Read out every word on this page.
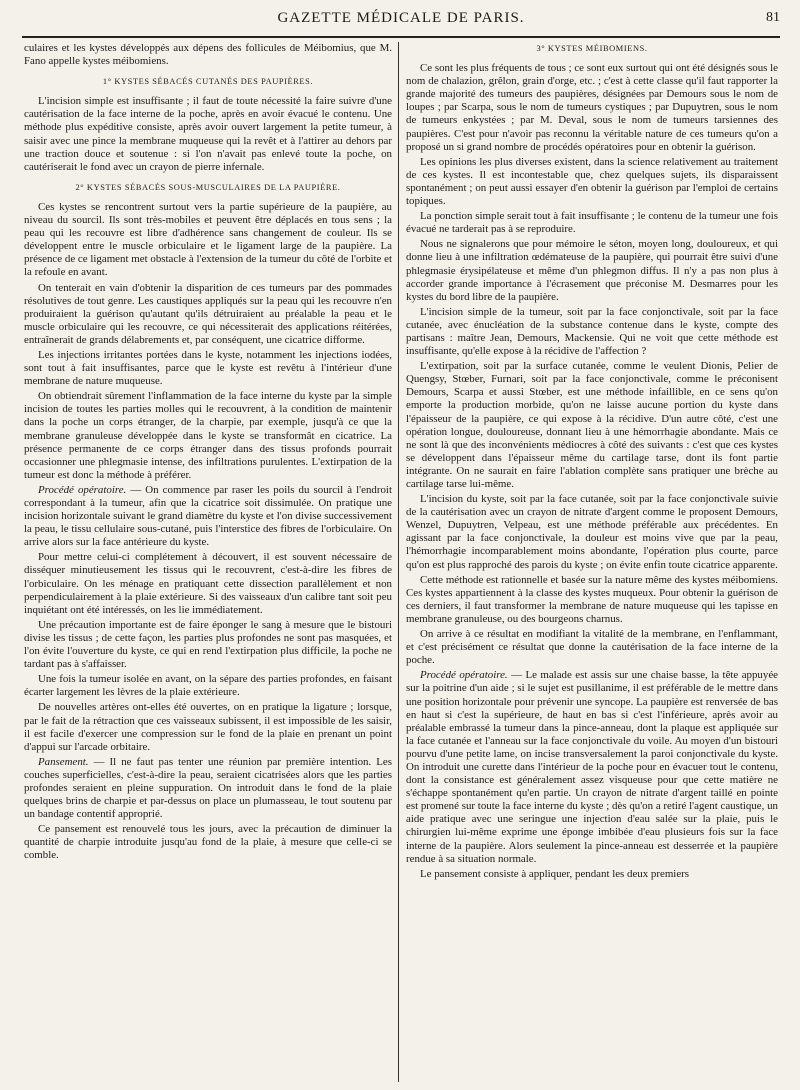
GAZETTE MÉDICALE DE PARIS.	81

culaires et les kystes développés aux dépens des follicules de Méibomius, que M. Fano appelle kystes méibomiens.

1° KYSTES SÉBACÉS CUTANÉS DES PAUPIÈRES.

L'incision simple est insuffisante ; il faut de toute nécessité la faire suivre d'une cautérisation de la face interne de la poche, après en avoir évacué le contenu. Une méthode plus expéditive consiste, après avoir ouvert largement la petite tumeur, à saisir avec une pince la membrane muqueuse qui la revêt et à l'attirer au dehors par une traction douce et soutenue : si l'on n'avait pas enlevé toute la poche, on cautériserait le fond avec un crayon de pierre infernale.

2° KYSTES SÉBACÉS SOUS-MUSCULAIRES DE LA PAUPIÈRE.

Ces kystes se rencontrent surtout vers la partie supérieure de la paupière, au niveau du sourcil. Ils sont très-mobiles et peuvent être déplacés en tous sens ; la peau qui les recouvre est libre d'adhérence sans changement de couleur. Ils se développent entre le muscle orbiculaire et le ligament large de la paupière. La présence de ce ligament met obstacle à l'extension de la tumeur du côté de l'orbite et la refoule en avant.

On tenterait en vain d'obtenir la disparition de ces tumeurs par des pommades résolutives de tout genre. Les caustiques appliqués sur la peau qui les recouvre n'en produiraient la guérison qu'autant qu'ils détruiraient au préalable la peau et le muscle orbiculaire qui les recouvre, ce qui nécessiterait des applications réitérées, entraînerait de grands délabrements et, par conséquent, une cicatrice difforme.

Les injections irritantes portées dans le kyste, notamment les injections iodées, sont tout à fait insuffisantes, parce que le kyste est revêtu à l'intérieur d'une membrane de nature muqueuse.

On obtiendrait sûrement l'inflammation de la face interne du kyste par la simple incision de toutes les parties molles qui le recouvrent, à la condition de maintenir dans la poche un corps étranger, de la charpie, par exemple, jusqu'à ce que la membrane granuleuse développée dans le kyste se transformât en cicatrice. La présence permanente de ce corps étranger dans des tissus profonds pourrait occasionner une phlegmasie intense, des infiltrations purulentes. L'extirpation de la tumeur est donc la méthode à préférer.

Procédé opératoire. — On commence par raser les poils du sourcil à l'endroit correspondant à la tumeur, afin que la cicatrice soit dissimulée. On pratique une incision horizontale suivant le grand diamètre du kyste et l'on divise successivement la peau, le tissu cellulaire sous-cutané, puis l'interstice des fibres de l'orbiculaire. On arrive alors sur la face antérieure du kyste.

Pour mettre celui-ci complétement à découvert, il est souvent nécessaire de disséquer minutieusement les tissus qui le recouvrent, c'est-à-dire les fibres de l'orbiculaire. On les ménage en pratiquant cette dissection parallèlement et non perpendiculairement à la plaie extérieure. Si des vaisseaux d'un calibre tant soit peu inquiétant ont été intéressés, on les lie immédiatement.

Une précaution importante est de faire éponger le sang à mesure que le bistouri divise les tissus ; de cette façon, les parties plus profondes ne sont pas masquées, et l'on évite l'ouverture du kyste, ce qui en rend l'extirpation plus difficile, la poche ne tardant pas à s'affaisser.

Une fois la tumeur isolée en avant, on la sépare des parties profondes, en faisant écarter largement les lèvres de la plaie extérieure.

De nouvelles artères ont-elles été ouvertes, on en pratique la ligature ; lorsque, par le fait de la rétraction que ces vaisseaux subissent, il est impossible de les saisir, il est facile d'exercer une compression sur le fond de la plaie en prenant un point d'appui sur l'arcade orbitaire.

Pansement. — Il ne faut pas tenter une réunion par première intention. Les couches superficielles, c'est-à-dire la peau, seraient cicatrisées alors que les parties profondes seraient en pleine suppuration. On introduit dans le fond de la plaie quelques brins de charpie et par-dessus on place un plumasseau, le tout soutenu par un bandage contentif approprié.

Ce pansement est renouvelé tous les jours, avec la précaution de diminuer la quantité de charpie introduite jusqu'au fond de la plaie, à mesure que celle-ci se comble.

3° KYSTES MÉIBOMIENS.

Ce sont les plus fréquents de tous ; ce sont eux surtout qui ont été désignés sous le nom de chalazion, grêlon, grain d'orge, etc. ; c'est à cette classe qu'il faut rapporter la grande majorité des tumeurs des paupières, désignées par Demours sous le nom de loupes ; par Scarpa, sous le nom de tumeurs cystiques ; par Dupuytren, sous le nom de tumeurs enkystées ; par M. Deval, sous le nom de tumeurs tarsiennes des paupières. C'est pour n'avoir pas reconnu la véritable nature de ces tumeurs qu'on a proposé un si grand nombre de procédés opératoires pour en obtenir la guérison.

Les opinions les plus diverses existent, dans la science relativement au traitement de ces kystes. Il est incontestable que, chez quelques sujets, ils disparaissent spontanément ; on peut aussi essayer d'en obtenir la guérison par l'emploi de certains topiques.

La ponction simple serait tout à fait insuffisante ; le contenu de la tumeur une fois évacué ne tarderait pas à se reproduire.

Nous ne signalerons que pour mémoire le séton, moyen long, douloureux, et qui donne lieu à une infiltration œdémateuse de la paupière, qui pourrait être suivi d'une phlegmasie érysipélateuse et même d'un phlegmon diffus. Il n'y a pas non plus à accorder grande importance à l'écrasement que préconise M. Desmarres pour les kystes du bord libre de la paupière.

L'incision simple de la tumeur, soit par la face conjonctivale, soit par la face cutanée, avec énucléation de la substance contenue dans le kyste, compte des partisans : maître Jean, Demours, Mackensie. Qui ne voit que cette méthode est insuffisante, qu'elle expose à la récidive de l'affection ?

L'extirpation, soit par la surface cutanée, comme le veulent Dionis, Pelier de Quengsy, Stœber, Furnari, soit par la face conjonctivale, comme le préconisent Demours, Scarpa et aussi Stœber, est une méthode infaillible, en ce sens qu'on emporte la production morbide, qu'on ne laisse aucune portion du kyste dans l'épaisseur de la paupière, ce qui expose à la récidive. D'un autre côté, c'est une opération longue, douloureuse, donnant lieu à une hémorrhagie abondante. Mais ce ne sont là que des inconvénients médiocres à côté des suivants : c'est que ces kystes se développent dans l'épaisseur même du cartilage tarse, dont ils font partie intégrante. On ne saurait en faire l'ablation complète sans pratiquer une brèche au cartilage tarse lui-même.

L'incision du kyste, soit par la face cutanée, soit par la face conjonctivale suivie de la cautérisation avec un crayon de nitrate d'argent comme le proposent Demours, Wenzel, Dupuytren, Velpeau, est une méthode préférable aux précédentes. En agissant par la face conjonctivale, la douleur est moins vive que par la peau, l'hémorrhagie incomparablement moins abondante, l'opération plus courte, parce qu'on est plus rapproché des parois du kyste ; on évite enfin toute cicatrice apparente.

Cette méthode est rationnelle et basée sur la nature même des kystes méibomiens. Ces kystes appartiennent à la classe des kystes muqueux. Pour obtenir la guérison de ces derniers, il faut transformer la membrane de nature muqueuse qui les tapisse en membrane granuleuse, ou des bourgeons charnus.

On arrive à ce résultat en modifiant la vitalité de la membrane, en l'enflammant, et c'est précisément ce résultat que donne la cautérisation de la face interne de la poche.

Procédé opératoire. — Le malade est assis sur une chaise basse, la tête appuyée sur la poitrine d'un aide ; si le sujet est pusillanime, il est préférable de le mettre dans une position horizontale pour prévenir une syncope. La paupière est renversée de bas en haut si c'est la supérieure, de haut en bas si c'est l'inférieure, après avoir au préalable embrassé la tumeur dans la pince-anneau, dont la plaque est appliquée sur la face cutanée et l'anneau sur la face conjonctivale du voile. Au moyen d'un bistouri pourvu d'une petite lame, on incise transversalement la paroi conjonctivale du kyste. On introduit une curette dans l'intérieur de la poche pour en évacuer tout le contenu, dont la consistance est généralement assez visqueuse pour que cette matière ne s'échappe spontanément qu'en partie. Un crayon de nitrate d'argent taillé en pointe est promené sur toute la face interne du kyste ; dès qu'on a retiré l'agent caustique, un aide pratique avec une seringue une injection d'eau salée sur la plaie, puis le chirurgien lui-même exprime une éponge imbibée d'eau plusieurs fois sur la face interne de la paupière. Alors seulement la pince-anneau est desserrée et la paupière rendue à sa situation normale.

Le pansement consiste à appliquer, pendant les deux premiers
